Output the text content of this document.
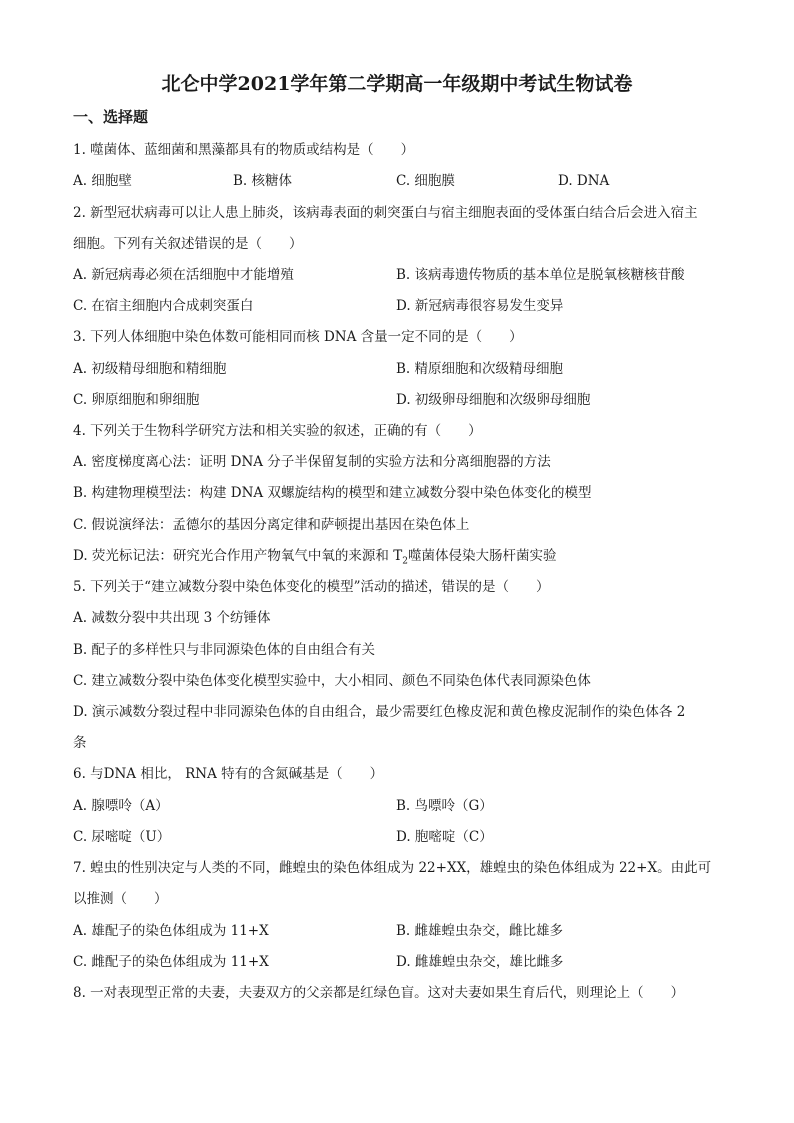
北仑中学2021学年第二学期高一年级期中考试生物试卷
一、选择题
1. 噬菌体、蓝细菌和黑藻都具有的物质或结构是（　　）
A. 细胞壁	B. 核糖体	C. 细胞膜	D. DNA
2. 新型冠状病毒可以让人患上肺炎，该病毒表面的刺突蛋白与宿主细胞表面的受体蛋白结合后会进入宿主
细胞。下列有关叙述错误的是（　　）
A. 新冠病毒必须在活细胞中才能增殖	B. 该病毒遗传物质的基本单位是脱氧核糖核苷酸
C. 在宿主细胞内合成刺突蛋白	D. 新冠病毒很容易发生变异
3. 下列人体细胞中染色体数可能相同而核 DNA 含量一定不同的是（　　）
A. 初级精母细胞和精细胞	B. 精原细胞和次级精母细胞
C. 卵原细胞和卵细胞	D. 初级卵母细胞和次级卵母细胞
4. 下列关于生物科学研究方法和相关实验的叙述，正确的有（　　）
A. 密度梯度离心法：证明 DNA 分子半保留复制的实验方法和分离细胞器的方法
B. 构建物理模型法：构建 DNA 双螺旋结构的模型和建立减数分裂中染色体变化的模型
C. 假说演绎法：孟德尔的基因分离定律和萨顿提出基因在染色体上
D. 荧光标记法：研究光合作用产物氧气中氧的来源和 $T_2$噬菌体侵染大肠杆菌实验
5. 下列关于“建立减数分裂中染色体变化的模型”活动的描述，错误的是（　　）
A. 减数分裂中共出现 3 个纺锤体
B. 配子的多样性只与非同源染色体的自由组合有关
C. 建立减数分裂中染色体变化模型实验中，大小相同、颜色不同染色体代表同源染色体
D. 演示减数分裂过程中非同源染色体的自由组合，最少需要红色橡皮泥和黄色橡皮泥制作的染色体各 2
条
6. 与DNA 相比， RNA 特有的含氮碱基是（　　）
A. 腺嘌呤（A）	B. 鸟嘌呤（G）
C. 尿嘧啶（U）	D. 胞嘧啶（C）
7. 蝗虫的性别决定与人类的不同，雌蝗虫的染色体组成为 22+XX，雄蝗虫的染色体组成为 22+X。由此可
以推测（　　）
A. 雄配子的染色体组成为 11+X	B. 雌雄蝗虫杂交，雌比雄多
C. 雌配子的染色体组成为 11+X	D. 雌雄蝗虫杂交，雄比雌多
8. 一对表现型正常的夫妻，夫妻双方的父亲都是红绿色盲。这对夫妻如果生育后代，则理论上（　　）
